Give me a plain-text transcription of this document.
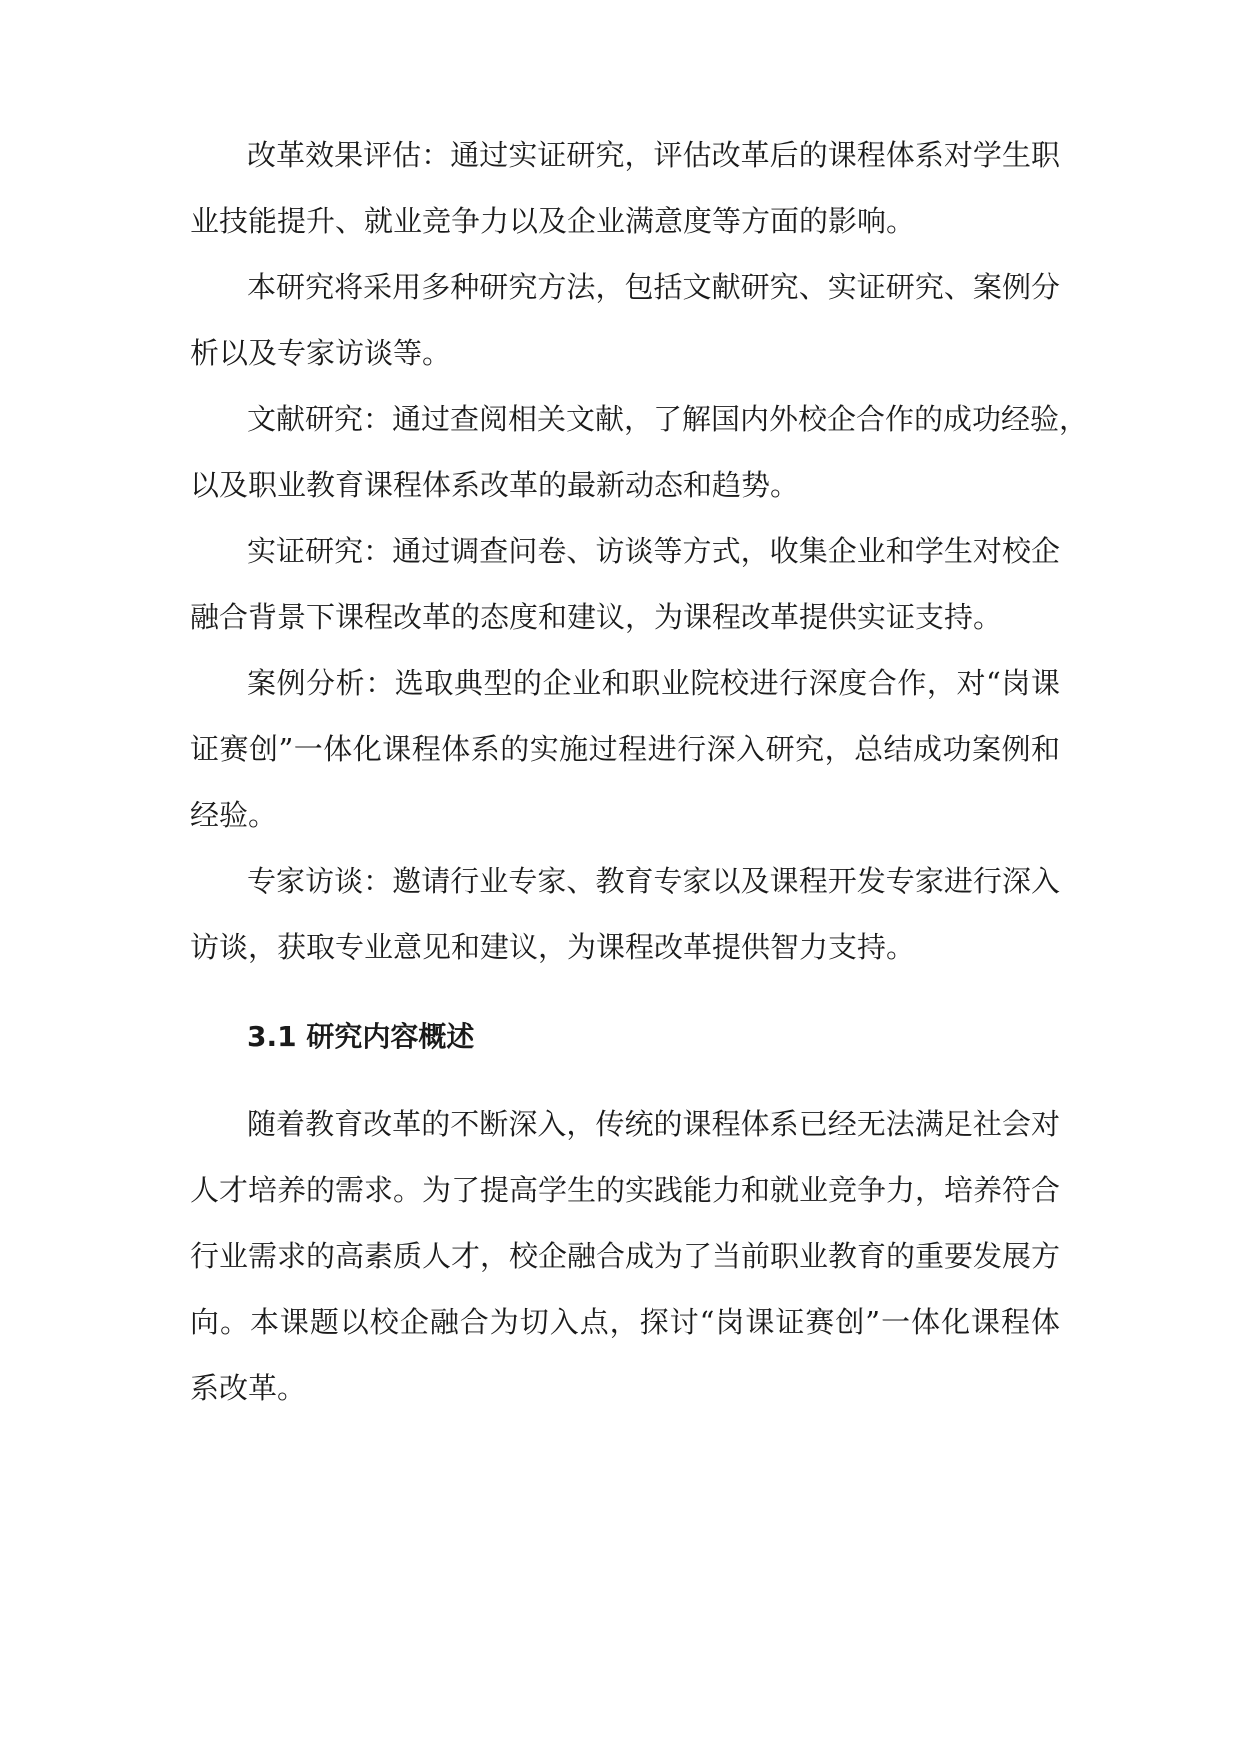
改革效果评估：通过实证研究，评估改革后的课程体系对学生职

业技能提升、就业竞争力以及企业满意度等方面的影响。

本研究将采用多种研究方法，包括文献研究、实证研究、案例分

析以及专家访谈等。

文献研究：通过查阅相关文献，了解国内外校企合作的成功经验，

以及职业教育课程体系改革的最新动态和趋势。

实证研究：通过调查问卷、访谈等方式，收集企业和学生对校企

融合背景下课程改革的态度和建议，为课程改革提供实证支持。

案例分析：选取典型的企业和职业院校进行深度合作，对“岗课

证赛创”一体化课程体系的实施过程进行深入研究，总结成功案例和

经验。

专家访谈：邀请行业专家、教育专家以及课程开发专家进行深入

访谈，获取专业意见和建议，为课程改革提供智力支持。

3.1 研究内容概述

随着教育改革的不断深入，传统的课程体系已经无法满足社会对

人才培养的需求。为了提高学生的实践能力和就业竞争力，培养符合

行业需求的高素质人才，校企融合成为了当前职业教育的重要发展方

向。本课题以校企融合为切入点，探讨“岗课证赛创”一体化课程体

系改革。
